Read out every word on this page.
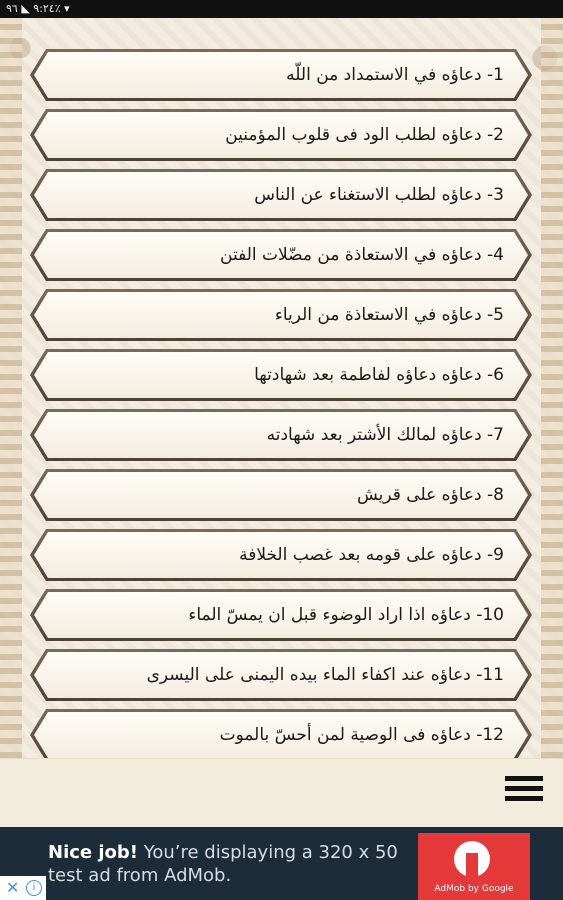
٩:٢٤ ◣ ٩٦٪ ▾
1- دعاؤه في الاستمداد من اللّه
2- دعاؤه لطلب الود فى قلوب المؤمنين
3- دعاؤه لطلب الاستغناء عن الناس
4- دعاؤه في الاستعاذة من مضّلات الفتن
5- دعاؤه في الاستعاذة من الرياء
6- دعاؤه دعاؤه لفاطمة بعد شهادتها
7- دعاؤه لمالك الأشتر بعد شهادته
8- دعاؤه على قريش
9- دعاؤه على قومه بعد غصب الخلافة
10- دعاؤه اذا اراد الوضوء قبل ان يمسّ الماء
11- دعاؤه عند اكفاء الماء بيده اليمنى على اليسرى
12- دعاؤه فى الوصية لمن أحسّ بالموت
Nice job! You’re displaying a 320 x 50 test ad from AdMob.
AdMob by Google
✕	i
